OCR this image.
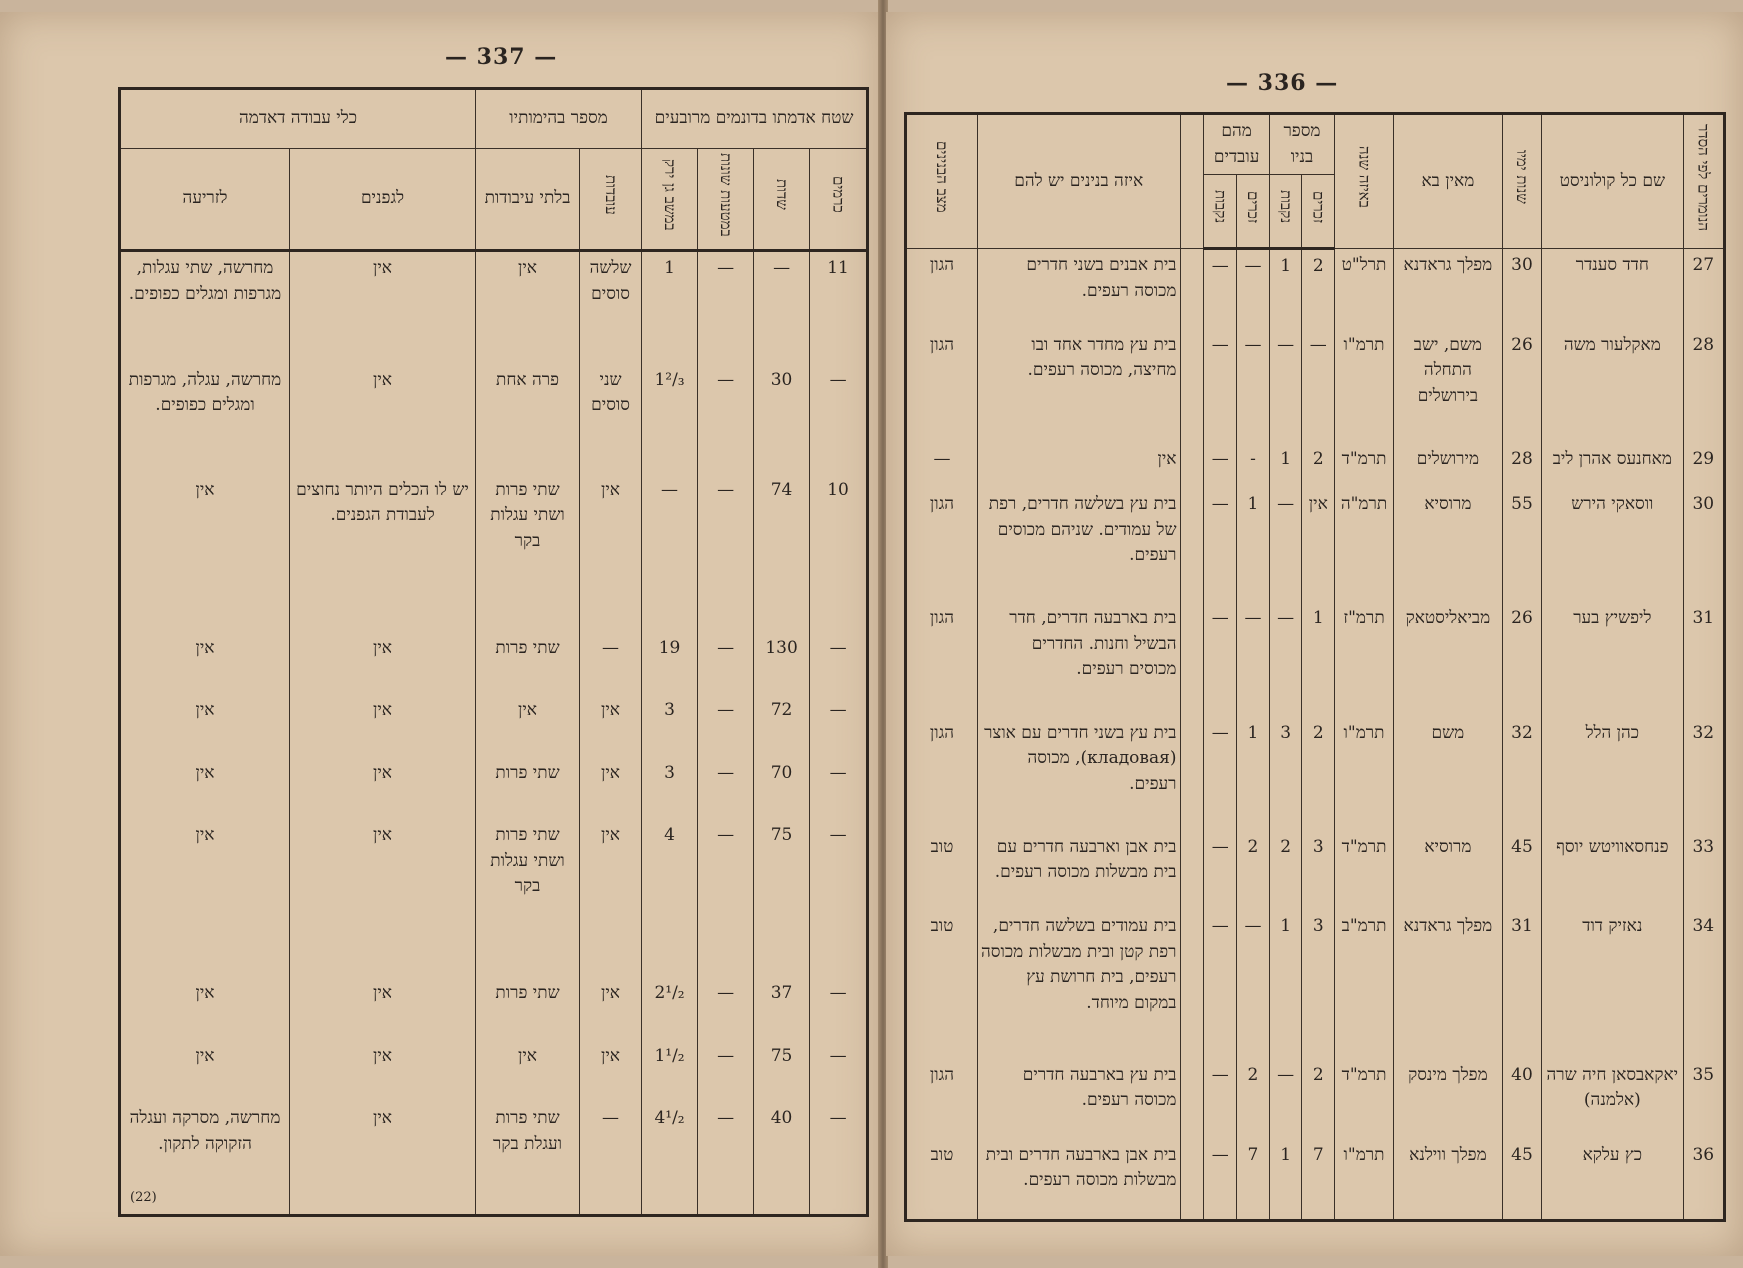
— 337 —
שטח אדמתו בדונמים מרובעים				מספר בהימותיו		כלי עבודה דאדמה	
כרמים	שדות	במטעות שונות	במשב גן ירק	עובדות	בלתי עיבודות	לגפנים	לזריעה
11	—	—	1	שלשה סוסים	אין	אין	מחרשה, שתי עגלות, מגרפות ומגלים כפופים.
—	30	—	1²/₃	שני סוסים	פרה אחת	אין	מחרשה, עגלה, מגרפות ומגלים כפופים.
10	74	—	—	אין	שתי פרות ושתי עגלות בקר	יש לו הכלים היותר נחוצים לעבודת הגפנים.	אין
—	130	—	19	—	שתי פרות	אין	אין
—	72	—	3	אין	אין	אין	אין
—	70	—	3	אין	שתי פרות	אין	אין
—	75	—	4	אין	שתי פרות ושתי עגלות בקר	אין	אין
—	37	—	2¹/₂	אין	שתי פרות	אין	אין
—	75	—	1¹/₂	אין	אין	אין	אין
—	40	—	4¹/₂	—	שתי פרות ועגלת בקר	אין	מחרשה, מסרקה ועגלה הזקוקה לתקון.
(22)
— 336 —
הנומרים לפי הסדר	שם כל קולוניסט	שנות ימיו	מאין בא	באיזה שנה	מספר בניו		מהם עובדים			איזה בנינים יש להם	מצב הבנינים
					זכרים	נקבות	זכרים	נקבות			
27	חדד סענדר	30	מפלך גראדנא	תרל"ט	2	1	—	—		בית אבנים בשני חדרים מכוסה רעפים.	הגון
28	מאקלעור משה	26	משם, ישב התחלה בירושלים	תרמ"ו	—	—	—	—		בית עץ מחדר אחד ובו מחיצה, מכוסה רעפים.	הגון
29	מאחנעס אהרן ליב	28	מירושלים	תרמ"ד	2	1	-	—		אין	—
30	ווסאקי הירש	55	מרוסיא	תרמ"ה	אין	—	1	—		בית עץ בשלשה חדרים, רפת של עמודים. שניהם מכוסים רעפים.	הגון
31	ליפשיץ בער	26	מביאליסטאק	תרמ"ז	1	—	—	—		בית בארבעה חדרים, חדר הבשיל וחנות. החדרים מכוסים רעפים.	הגון
32	כהן הלל	32	משם	תרמ"ו	2	3	1	—		בית עץ בשני חדרים עם אוצר (кладовая), מכוסה רעפים.	הגון
33	פנחסאוויטש יוסף	45	מרוסיא	תרמ"ד	3	2	2	—		בית אבן וארבעה חדרים עם בית מבשלות מכוסה רעפים.	טוב
34	נאזיק דוד	31	מפלך גראדנא	תרמ"ב	3	1	—	—		בית עמודים בשלשה חדרים, רפת קטן ובית מבשלות מכוסה רעפים, בית חרושת עץ במקום מיוחד.	טוב
35	יאקאבסאן חיה שרה (אלמנה)	40	מפלך מינסק	תרמ"ד	2	—	2	—		בית עץ בארבעה חדרים מכוסה רעפים.	הגון
36	כץ עלקא	45	מפלך ווילנא	תרמ"ו	7	1	7	—		בית אבן בארבעה חדרים ובית מבשלות מכוסה רעפים.	טוב
